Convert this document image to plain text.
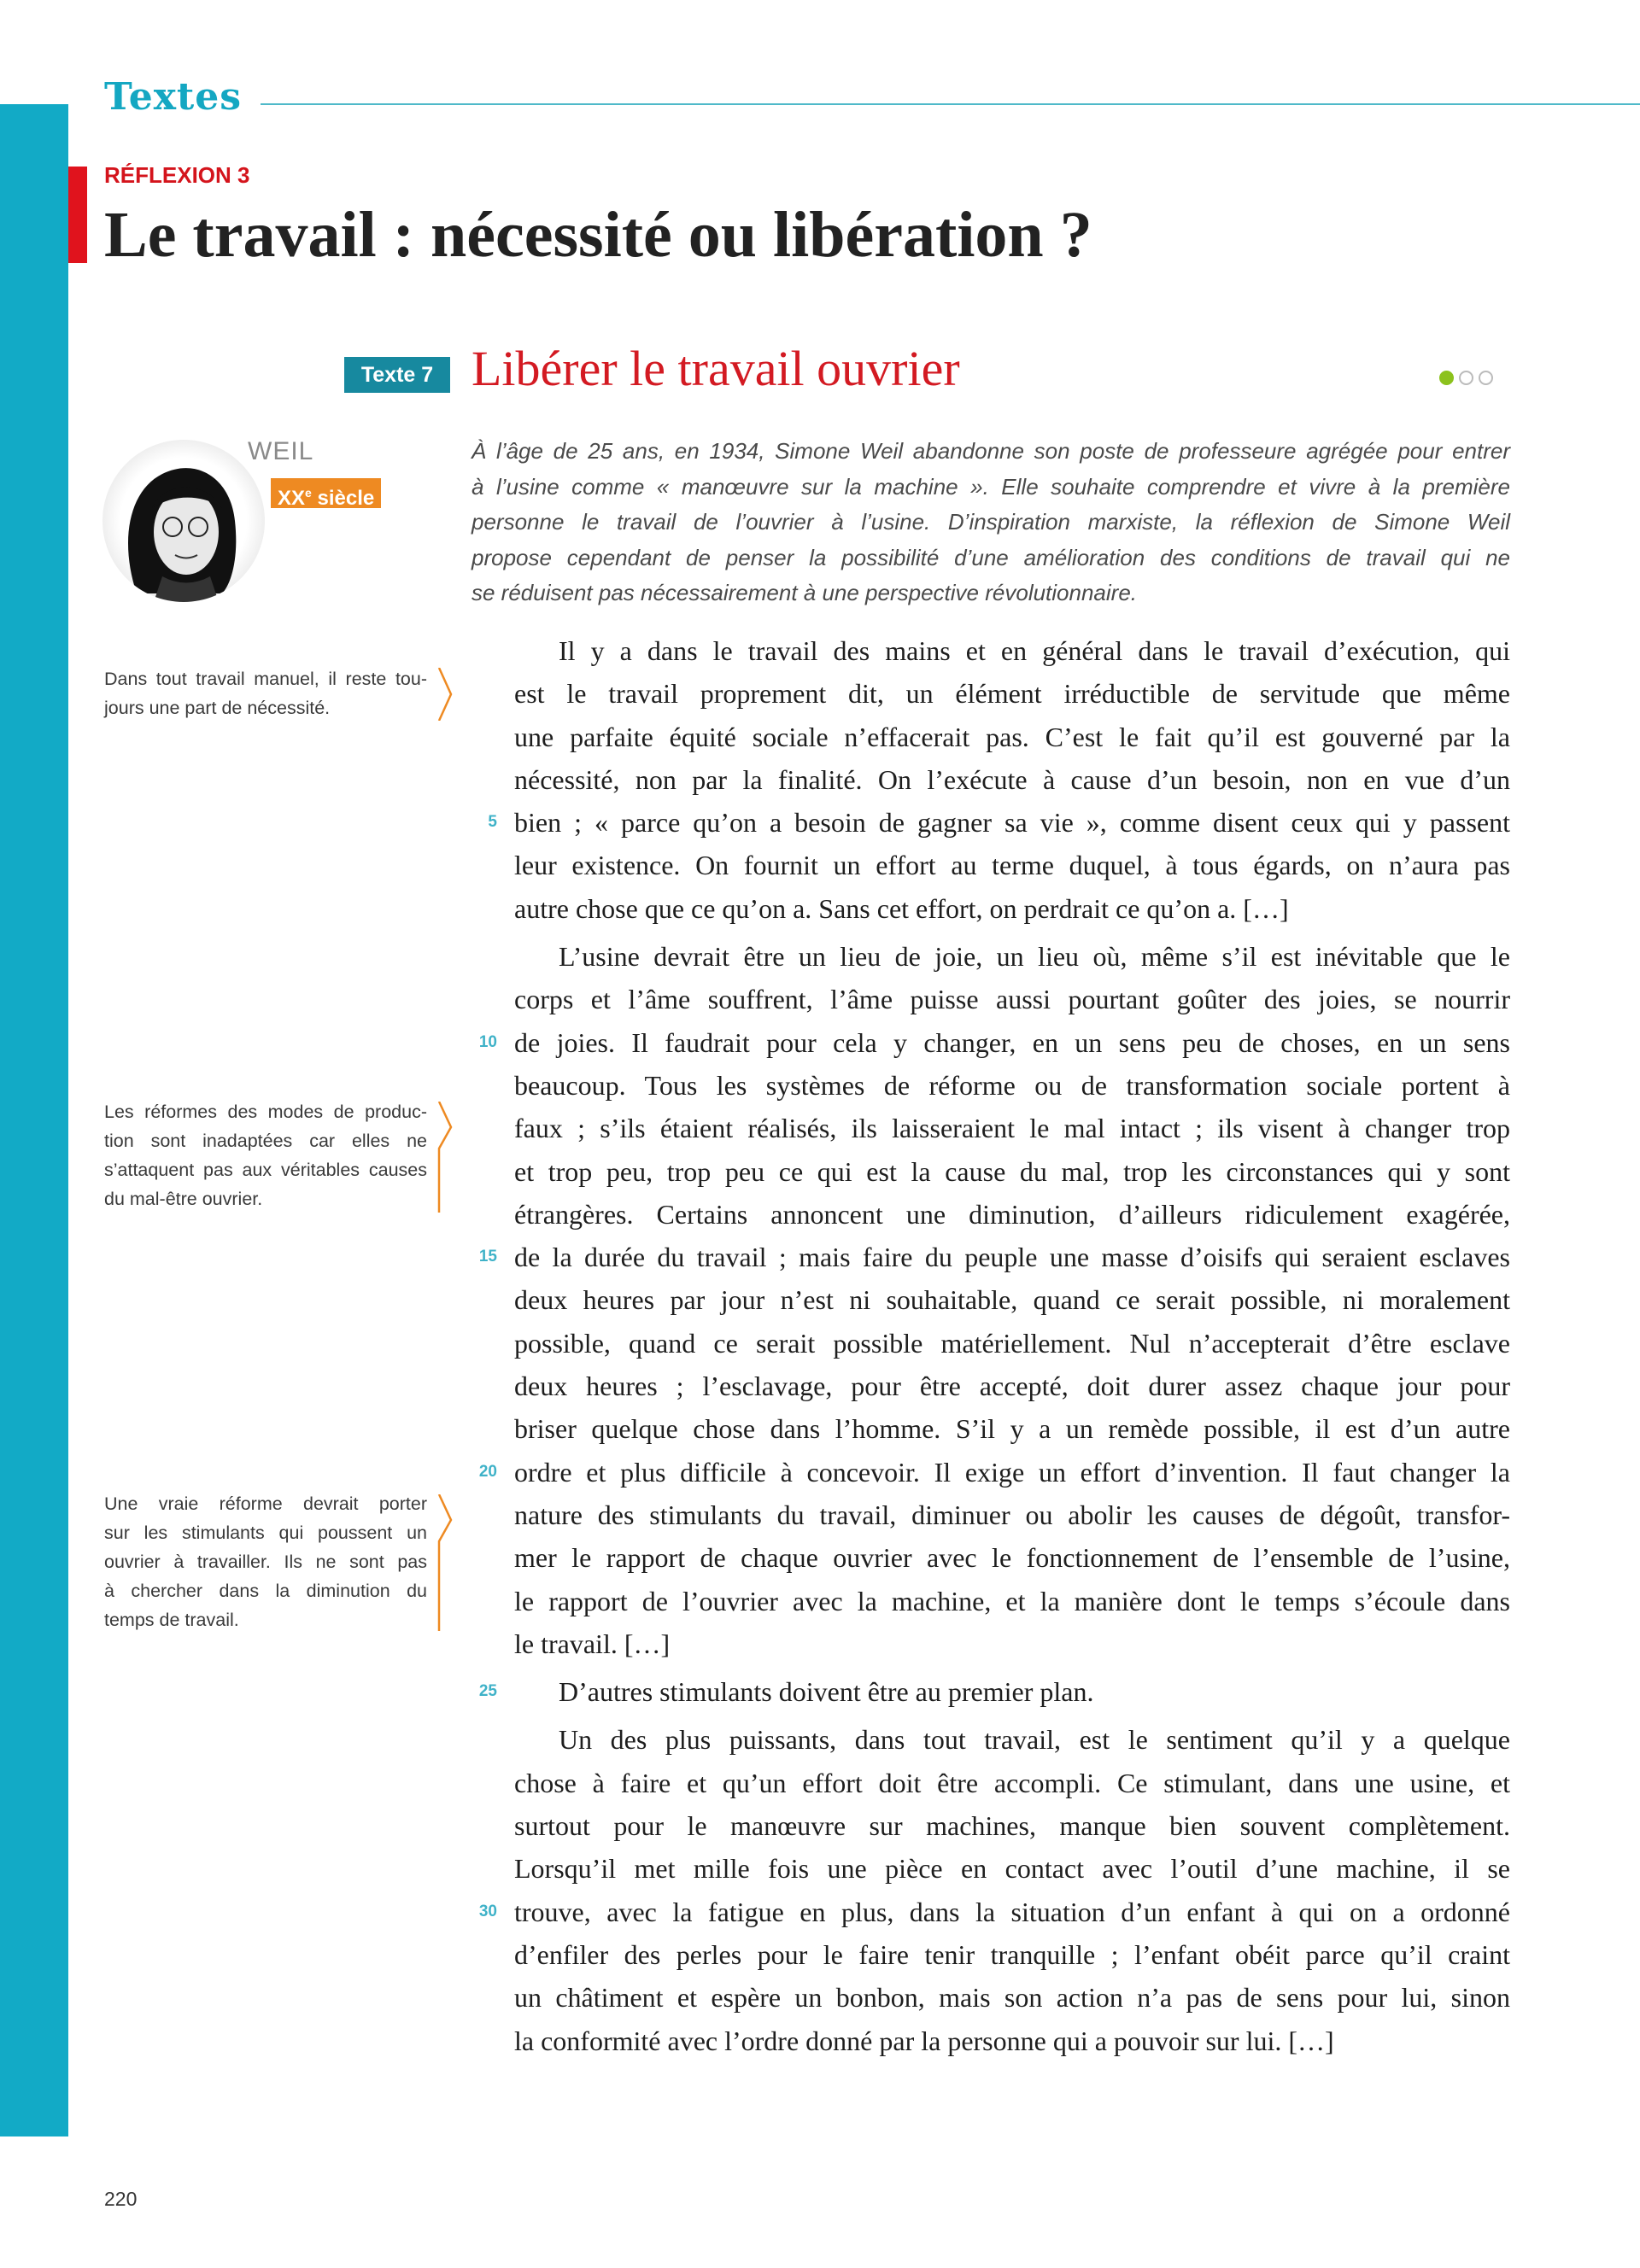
Textes
RÉFLEXION 3
Le travail : nécessité ou libération ?
Texte 7 Libérer le travail ouvrier
WEIL
XXe siècle
À l’âge de 25 ans, en 1934, Simone Weil abandonne son poste de professeure agrégée pour entrer
à l’usine comme « manœuvre sur la machine ». Elle souhaite comprendre et vivre à la première
personne le travail de l’ouvrier à l’usine. D’inspiration marxiste, la réflexion de Simone Weil
propose cependant de penser la possibilité d’une amélioration des conditions de travail qui ne
se réduisent pas nécessairement à une perspective révolutionnaire.
Il y a dans le travail des mains et en général dans le travail d’exécution, qui
est le travail proprement dit, un élément irréductible de servitude que même
une parfaite équité sociale n’effacerait pas. C’est le fait qu’il est gouverné par la
nécessité, non par la finalité. On l’exécute à cause d’un besoin, non en vue d’un
5 bien ; « parce qu’on a besoin de gagner sa vie », comme disent ceux qui y passent
leur existence. On fournit un effort au terme duquel, à tous égards, on n’aura pas
autre chose que ce qu’on a. Sans cet effort, on perdrait ce qu’on a. […]
L’usine devrait être un lieu de joie, un lieu où, même s’il est inévitable que le
corps et l’âme souffrent, l’âme puisse aussi pourtant goûter des joies, se nourrir
10 de joies. Il faudrait pour cela y changer, en un sens peu de choses, en un sens
beaucoup. Tous les systèmes de réforme ou de transformation sociale portent à
faux ; s’ils étaient réalisés, ils laisseraient le mal intact ; ils visent à changer trop
et trop peu, trop peu ce qui est la cause du mal, trop les circonstances qui y sont
étrangères. Certains annoncent une diminution, d’ailleurs ridiculement exagérée,
15 de la durée du travail ; mais faire du peuple une masse d’oisifs qui seraient esclaves
deux heures par jour n’est ni souhaitable, quand ce serait possible, ni moralement
possible, quand ce serait possible matériellement. Nul n’accepterait d’être esclave
deux heures ; l’esclavage, pour être accepté, doit durer assez chaque jour pour
briser quelque chose dans l’homme. S’il y a un remède possible, il est d’un autre
20 ordre et plus difficile à concevoir. Il exige un effort d’invention. Il faut changer la
nature des stimulants du travail, diminuer ou abolir les causes de dégoût, transfor-
mer le rapport de chaque ouvrier avec le fonctionnement de l’ensemble de l’usine,
le rapport de l’ouvrier avec la machine, et la manière dont le temps s’écoule dans
le travail. […]
25 D’autres stimulants doivent être au premier plan.
Un des plus puissants, dans tout travail, est le sentiment qu’il y a quelque
chose à faire et qu’un effort doit être accompli. Ce stimulant, dans une usine, et
surtout pour le manœuvre sur machines, manque bien souvent complètement.
Lorsqu’il met mille fois une pièce en contact avec l’outil d’une machine, il se
30 trouve, avec la fatigue en plus, dans la situation d’un enfant à qui on a ordonné
d’enfiler des perles pour le faire tenir tranquille ; l’enfant obéit parce qu’il craint
un châtiment et espère un bonbon, mais son action n’a pas de sens pour lui, sinon
la conformité avec l’ordre donné par la personne qui a pouvoir sur lui. […]
Dans tout travail manuel, il reste tou-
jours une part de nécessité.
Les réformes des modes de produc-
tion sont inadaptées car elles ne
s’attaquent pas aux véritables causes
du mal-être ouvrier.
Une vraie réforme devrait porter
sur les stimulants qui poussent un
ouvrier à travailler. Ils ne sont pas
à chercher dans la diminution du
temps de travail.
220
